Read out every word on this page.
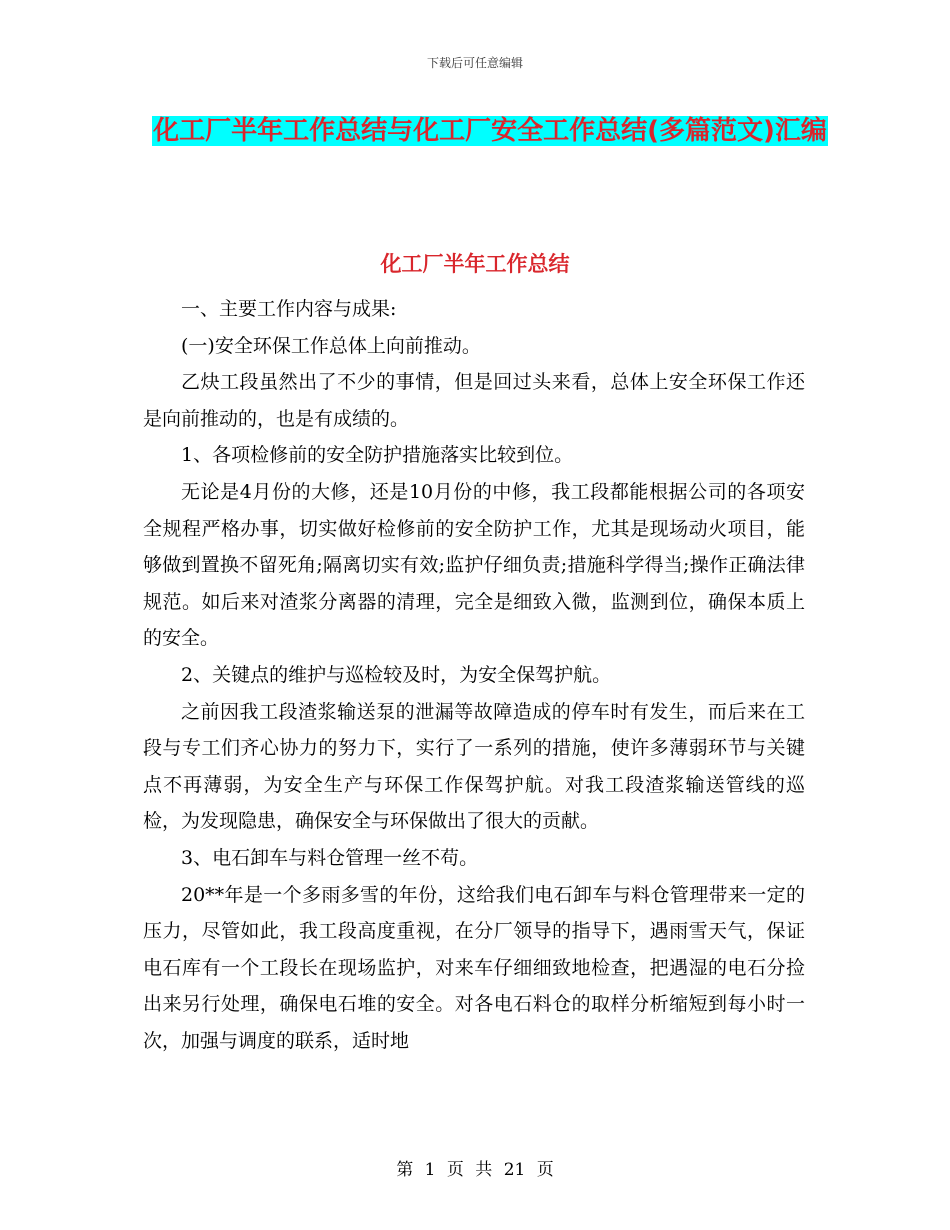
下载后可任意编辑
化工厂半年工作总结与化工厂安全工作总结(多篇范文)汇编
化工厂半年工作总结

一、主要工作内容与成果:

(一)安全环保工作总体上向前推动。

乙炔工段虽然出了不少的事情，但是回过头来看，总体上安全环保工作还是向前推动的，也是有成绩的。

1、各项检修前的安全防护措施落实比较到位。

无论是4月份的大修，还是10月份的中修，我工段都能根据公司的各项安全规程严格办事，切实做好检修前的安全防护工作，尤其是现场动火项目，能够做到置换不留死角;隔离切实有效;监护仔细负责;措施科学得当;操作正确法律规范。如后来对渣浆分离器的清理，完全是细致入微，监测到位，确保本质上的安全。

2、关键点的维护与巡检较及时，为安全保驾护航。

之前因我工段渣浆输送泵的泄漏等故障造成的停车时有发生，而后来在工段与专工们齐心协力的努力下，实行了一系列的措施，使许多薄弱环节与关键点不再薄弱，为安全生产与环保工作保驾护航。对我工段渣浆输送管线的巡检，为发现隐患，确保安全与环保做出了很大的贡献。

3、电石卸车与料仓管理一丝不苟。

20**年是一个多雨多雪的年份，这给我们电石卸车与料仓管理带来一定的压力，尽管如此，我工段高度重视，在分厂领导的指导下，遇雨雪天气，保证电石库有一个工段长在现场监护，对来车仔细细致地检查，把遇湿的电石分捡出来另行处理，确保电石堆的安全。对各电石料仓的取样分析缩短到每小时一次，加强与调度的联系，适时地

第 1 页 共 21 页
